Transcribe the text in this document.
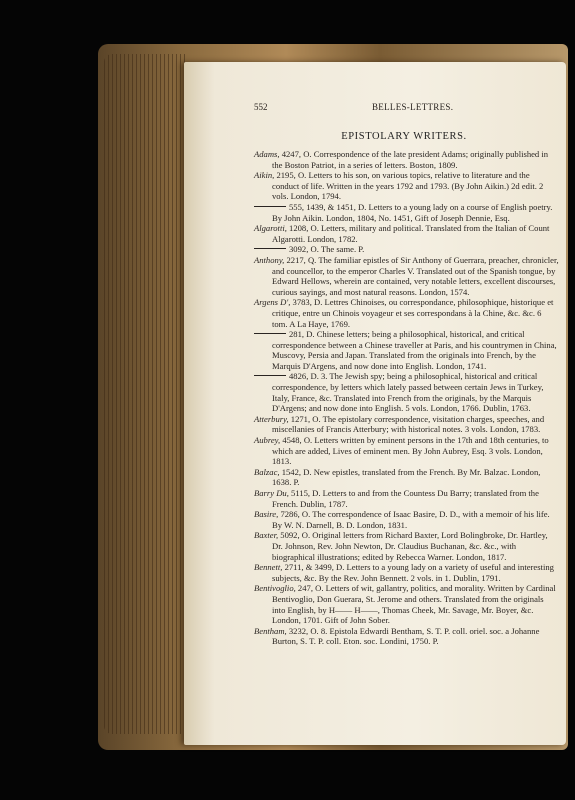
552	BELLES-LETTRES.
EPISTOLARY WRITERS.

Adams, 4247, O. Correspondence of the late president Adams; originally published in the Boston Patriot, in a series of letters. Boston, 1809.

Aikin, 2195, O. Letters to his son, on various topics, relative to literature and the conduct of life. Written in the years 1792 and 1793. (By John Aikin.) 2d edit. 2 vols. London, 1794.

555, 1439, & 1451, D. Letters to a young lady on a course of English poetry. By John Aikin. London, 1804, No. 1451, Gift of Joseph Dennie, Esq.

Algarotti, 1208, O. Letters, military and political. Translated from the Italian of Count Algarotti. London, 1782.

3092, O. The same. P.

Anthony, 2217, Q. The familiar epistles of Sir Anthony of Guerrara, preacher, chronicler, and councellor, to the emperor Charles V. Translated out of the Spanish tongue, by Edward Hellows, wherein are contained, very notable letters, excellent discourses, curious sayings, and most natural reasons. London, 1574.

Argens D', 3783, D. Lettres Chinoises, ou correspondance, philosophique, historique et critique, entre un Chinois voyageur et ses correspondans à la Chine, &c. &c. 6 tom. A La Haye, 1769.

281, D. Chinese letters; being a philosophical, historical, and critical correspondence between a Chinese traveller at Paris, and his countrymen in China, Muscovy, Persia and Japan. Translated from the originals into French, by the Marquis D'Argens, and now done into English. London, 1741.

4826, D. 3. The Jewish spy; being a philosophical, historical and critical correspondence, by letters which lately passed between certain Jews in Turkey, Italy, France, &c. Translated into French from the originals, by the Marquis D'Argens; and now done into English. 5 vols. London, 1766. Dublin, 1763.

Atterbury, 1271, O. The epistolary correspondence, visitation charges, speeches, and miscellanies of Francis Atterbury; with historical notes. 3 vols. London, 1783.

Aubrey, 4548, O. Letters written by eminent persons in the 17th and 18th centuries, to which are added, Lives of eminent men. By John Aubrey, Esq. 3 vols. London, 1813.

Balzac, 1542, D. New epistles, translated from the French. By Mr. Balzac. London, 1638. P.

Barry Du, 5115, D. Letters to and from the Countess Du Barry; translated from the French. Dublin, 1787.

Basire, 7286, O. The correspondence of Isaac Basire, D. D., with a memoir of his life. By W. N. Darnell, B. D. London, 1831.

Baxter, 5092, O. Original letters from Richard Baxter, Lord Bolingbroke, Dr. Hartley, Dr. Johnson, Rev. John Newton, Dr. Claudius Buchanan, &c. &c., with biographical illustrations; edited by Rebecca Warner. London, 1817.

Bennett, 2711, & 3499, D. Letters to a young lady on a variety of useful and interesting subjects, &c. By the Rev. John Bennett. 2 vols. in 1. Dublin, 1791.

Bentivoglio, 247, O. Letters of wit, gallantry, politics, and morality. Written by Cardinal Bentivoglio, Don Guerara, St. Jerome and others. Translated from the originals into English, by H—— H——, Thomas Cheek, Mr. Savage, Mr. Boyer, &c. London, 1701. Gift of John Sober.

Bentham, 3232, O. 8. Epistola Edwardi Bentham, S. T. P. coll. oriel. soc. a Johanne Burton, S. T. P. coll. Eton. soc. Londini, 1750. P.
